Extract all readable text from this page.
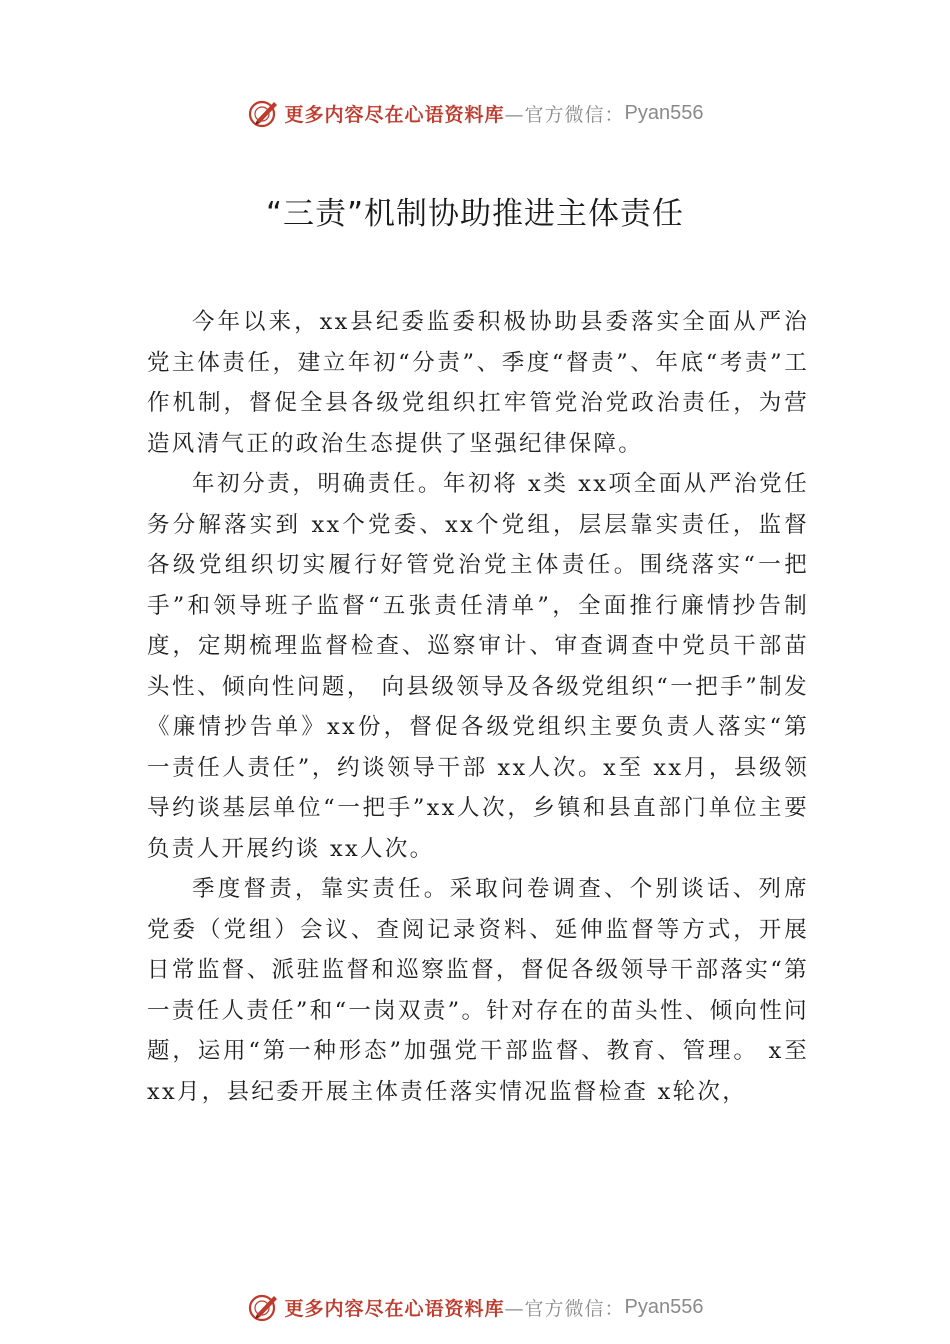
更多内容尽在心语资料库 —官方微信： Pyan556
“三责”机制协助推进主体责任

今年以来，xx县纪委监委积极协助县委落实全面从严治党主体责任，建立年初“分责”、季度“督责”、年底“考责”工作机制，督促全县各级党组织扛牢管党治党政治责任，为营造风清气正的政治生态提供了坚强纪律保障。

年初分责，明确责任。年初将 x类 xx项全面从严治党任务分解落实到 xx个党委、xx个党组，层层靠实责任，监督各级党组织切实履行好管党治党主体责任。围绕落实“一把手”和领导班子监督“五张责任清单”，全面推行廉情抄告制度，定期梳理监督检查、巡察审计、审查调查中党员干部苗头性、倾向性问题， 向县级领导及各级党组织“一把手”制发《廉情抄告单》xx份，督促各级党组织主要负责人落实“第一责任人责任”，约谈领导干部 xx人次。x至 xx月，县级领导约谈基层单位“一把手”xx人次，乡镇和县直部门单位主要负责人开展约谈 xx人次。

季度督责，靠实责任。采取问卷调查、个别谈话、列席党委（党组）会议、查阅记录资料、延伸监督等方式，开展日常监督、派驻监督和巡察监督，督促各级领导干部落实“第一责任人责任”和“一岗双责”。针对存在的苗头性、倾向性问题，运用“第一种形态”加强党干部监督、教育、管理。 x至 xx月，县纪委开展主体责任落实情况监督检查 x轮次，

更多内容尽在心语资料库 —官方微信： Pyan556
